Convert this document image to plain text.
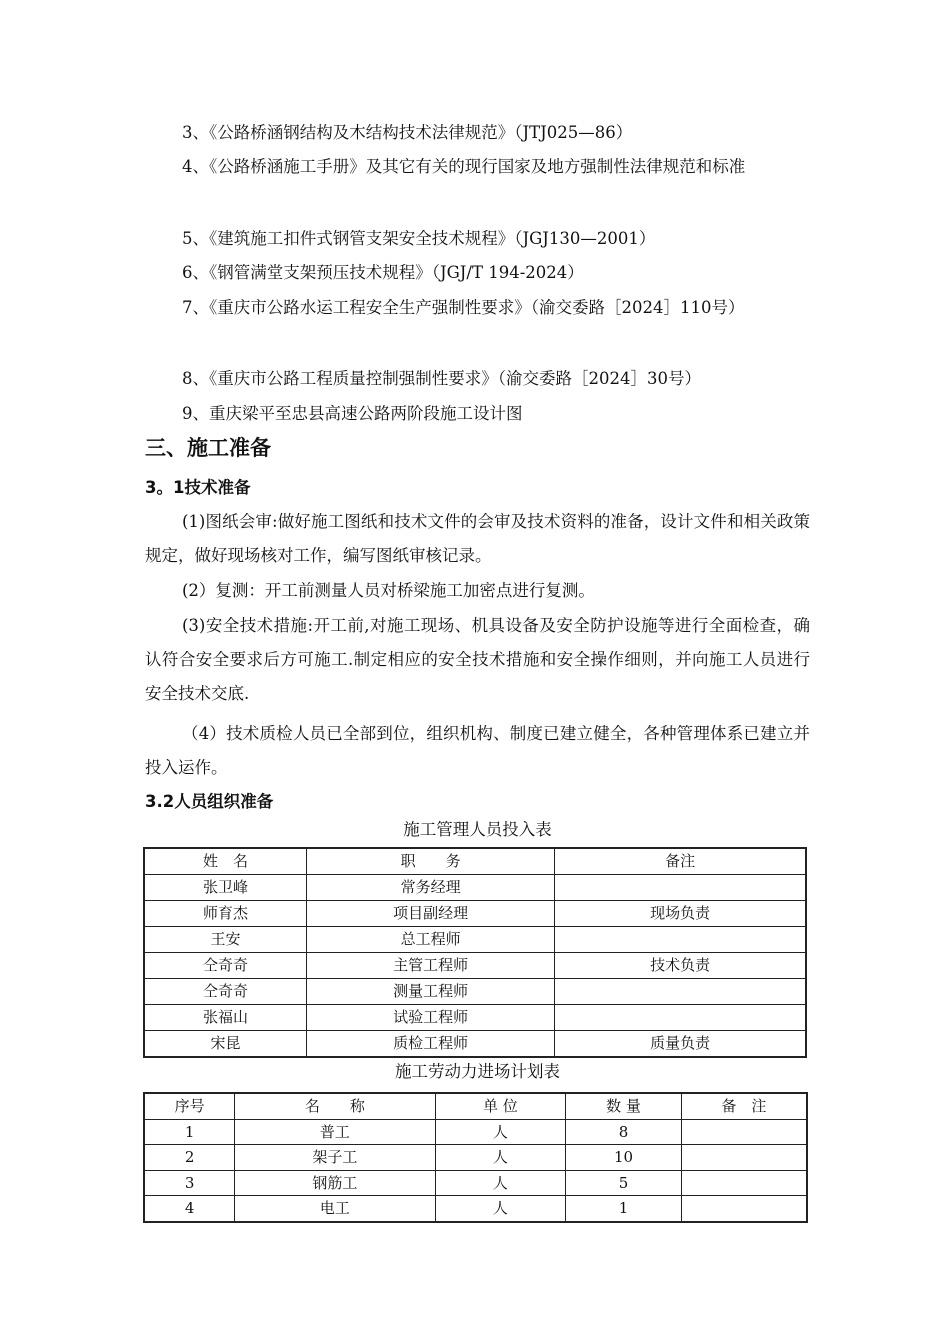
3、《公路桥涵钢结构及木结构技术法律规范》（JTJ025—86）

4、《公路桥涵施工手册》及其它有关的现行国家及地方强制性法律规范和标准

5、《建筑施工扣件式钢管支架安全技术规程》（JGJ130—2001）

6、《钢管满堂支架预压技术规程》（JGJ/T 194-2024）

7、《重庆市公路水运工程安全生产强制性要求》（渝交委路［2024］110号）

8、《重庆市公路工程质量控制强制性要求》（渝交委路［2024］30号）

9、重庆梁平至忠县高速公路两阶段施工设计图

三、施工准备
3。1技术准备

(1)图纸会审:做好施工图纸和技术文件的会审及技术资料的准备，设计文件和相关政策规定，做好现场核对工作，编写图纸审核记录。

(2）复测：开工前测量人员对桥梁施工加密点进行复测。

(3)安全技术措施:开工前,对施工现场、机具设备及安全防护设施等进行全面检查，确认符合安全要求后方可施工.制定相应的安全技术措施和安全操作细则，并向施工人员进行安全技术交底.

（4）技术质检人员已全部到位，组织机构、制度已建立健全，各种管理体系已建立并投入运作。

3.2人员组织准备

施工管理人员投入表

姓　名	职　　务	备注
张卫峰	常务经理	
师育杰	项目副经理	现场负责
王安	总工程师	
仝奇奇	主管工程师	技术负责
仝奇奇	测量工程师	
张福山	试验工程师	
宋昆	质检工程师	质量负责

施工劳动力进场计划表

序号	名　　称	单 位	数 量	备　注
1	普工	人	8	
2	架子工	人	10	
3	钢筋工	人	5	
4	电工	人	1	
